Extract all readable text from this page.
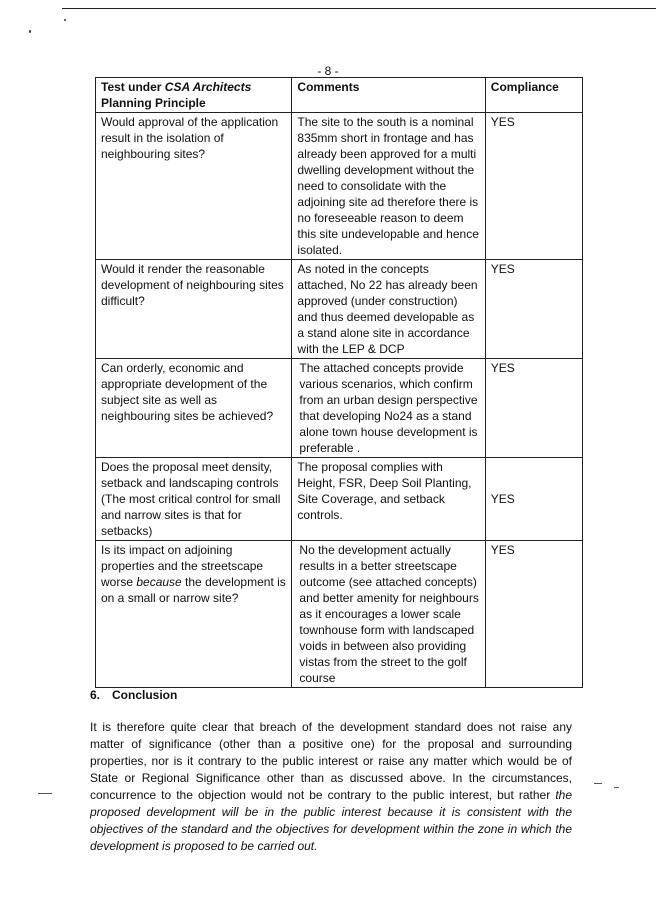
- 8 -
Test under CSA Architects
Planning Principle	Comments	Compliance
Would approval of the application result in the isolation of neighbouring sites?	The site to the south is a nominal 835mm short in frontage and has already been approved for a multi dwelling development without the need to consolidate with the adjoining site ad therefore there is no foreseeable reason to deem this site undevelopable and hence isolated.	YES
Would it render the reasonable development of neighbouring sites difficult?	As noted in the concepts attached, No 22 has already been approved (under construction) and thus deemed developable as a stand alone site in accordance with the LEP & DCP	YES
Can orderly, economic and appropriate development of the subject site as well as neighbouring sites be achieved?	The attached concepts provide various scenarios, which confirm from an urban design perspective that developing No24 as a stand alone town house development is preferable .	YES
Does the proposal meet density, setback and landscaping controls (The most critical control for small and narrow sites is that for setbacks)	The proposal complies with Height, FSR, Deep Soil Planting, Site Coverage, and setback controls.	YES
Is its impact on adjoining properties and the streetscape worse because the development is on a small or narrow site?	No the development actually results in a better streetscape outcome (see attached concepts) and better amenity for neighbours as it encourages a lower scale townhouse form with landscaped voids in between also providing vistas from the street to the golf course	YES
6. Conclusion
It is therefore quite clear that breach of the development standard does not raise any matter of significance (other than a positive one) for the proposal and surrounding properties, nor is it contrary to the public interest or raise any matter which would be of State or Regional Significance other than as discussed above. In the circumstances, concurrence to the objection would not be contrary to the public interest, but rather the proposed development will be in the public interest because it is consistent with the objectives of the standard and the objectives for development within the zone in which the development is proposed to be carried out.
